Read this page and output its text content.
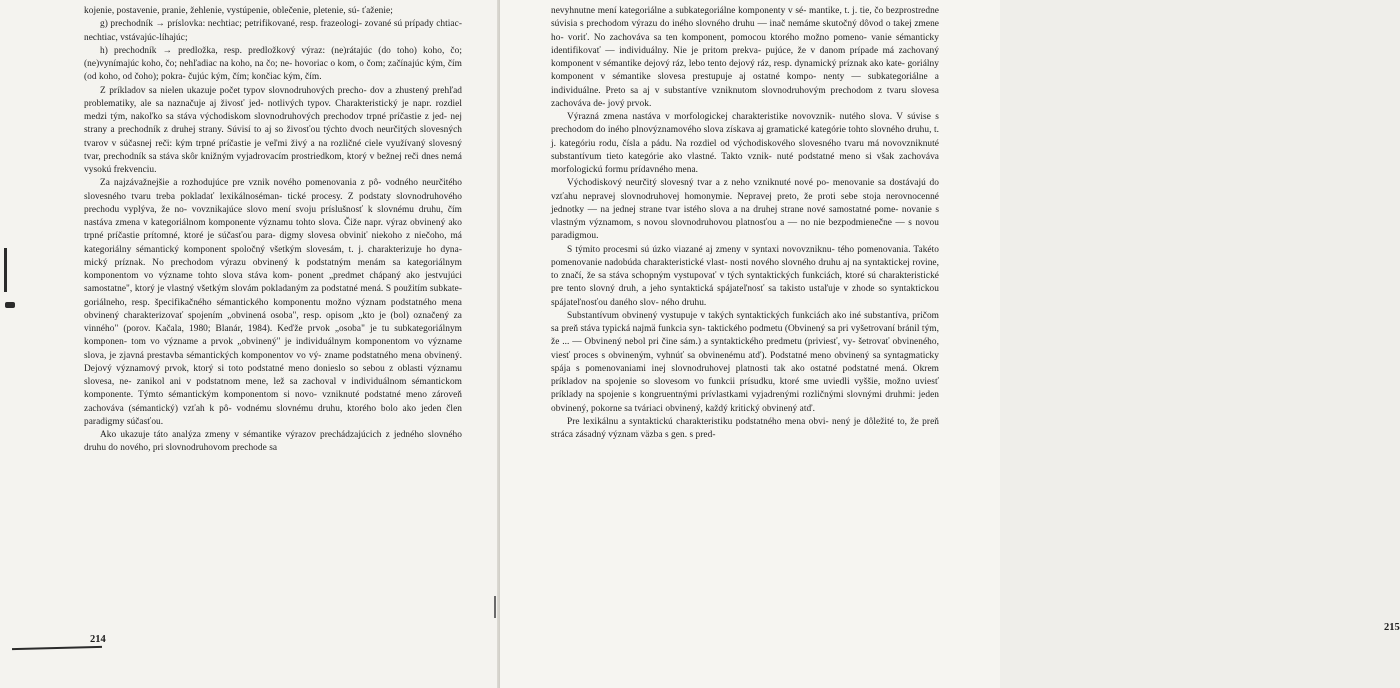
kojenie, postavenie, pranie, žehlenie, vystúpenie, oblečenie, pletenie, sú- ťaženie;

g) prechodník → príslovka: nechtiac; petrifikované, resp. frazeologi- zované sú prípady chtiac-nechtiac, vstávajúc-líhajúc;

h) prechodník → predložka, resp. predložkový výraz: (ne)rátajúc (do toho) koho, čo; (ne)vynímajúc koho, čo; nehľadiac na koho, na čo; ne- hovoriac o kom, o čom; začínajúc kým, čím (od koho, od čoho); pokra- čujúc kým, čím; končiac kým, čím.

Z príkladov sa nielen ukazuje počet typov slovnodruhových precho- dov a zhustený prehľad problematiky, ale sa naznačuje aj živosť jed- notlivých typov. Charakteristický je napr. rozdiel medzi tým, nakoľko sa stáva východiskom slovnodruhových prechodov trpné príčastie z jed- nej strany a prechodník z druhej strany. Súvisí to aj so živosťou týchto dvoch neurčitých slovesných tvarov v súčasnej reči: kým trpné príčastie je veľmi živý a na rozličné ciele využívaný slovesný tvar, prechodník sa stáva skôr knižným vyjadrovacím prostriedkom, ktorý v bežnej reči dnes nemá vysokú frekvenciu.

Za najzávažnejšie a rozhodujúce pre vznik nového pomenovania z pô- vodného neurčitého slovesného tvaru treba pokladať lexikálnoséman- tické procesy. Z podstaty slovnodruhového prechodu vyplýva, že no- vovznikajúce slovo mení svoju príslušnosť k slovnému druhu, čím nastáva zmena v kategoriálnom komponente významu tohto slova. Čiže napr. výraz obvinený ako trpné príčastie prítomné, ktoré je súčasťou para- digmy slovesa obviniť niekoho z niečoho, má kategoriálny sémantický komponent spoločný všetkým slovesám, t. j. charakterizuje ho dyna- mický príznak. No prechodom výrazu obvinený k podstatným menám sa kategoriálnym komponentom vo význame tohto slova stáva kom- ponent „predmet chápaný ako jestvujúci samostatne", ktorý je vlastný všetkým slovám pokladaným za podstatné mená. S použitím subkate- goriálneho, resp. špecifikačného sémantického komponentu možno význam podstatného mena obvinený charakterizovať spojením „obvinená osoba", resp. opisom „kto je (bol) označený za vinného" (porov. Kačala, 1980; Blanár, 1984). Keďže prvok „osoba" je tu subkategoriálnym komponen- tom vo význame a prvok „obvinený" je individuálnym komponentom vo význame slova, je zjavná prestavba sémantických komponentov vo vý- zname podstatného mena obvinený. Dejový významový prvok, ktorý si toto podstatné meno donieslo so sebou z oblasti významu slovesa, ne- zanikol ani v podstatnom mene, lež sa zachoval v individuálnom sémantickom komponente. Týmto sémantickým komponentom si novo- vzniknuté podstatné meno zároveň zachováva (sémantický) vzťah k pô- vodnému slovnému druhu, ktorého bolo ako jeden člen paradigmy súčasťou.

Ako ukazuje táto analýza zmeny v sémantike výrazov prechádzajúcich z jedného slovného druhu do nového, pri slovnodruhovom prechode sa

214

nevyhnutne mení kategoriálne a subkategoriálne komponenty v sé- mantike, t. j. tie, čo bezprostredne súvisia s prechodom výrazu do iného slovného druhu — inač nemáme skutočný dôvod o takej zmene ho- voriť. No zachováva sa ten komponent, pomocou ktorého možno pomeno- vanie sémanticky identifikovať — individuálny. Nie je pritom prekva- pujúce, že v danom prípade má zachovaný komponent v sémantike dejový ráz, lebo tento dejový ráz, resp. dynamický príznak ako kate- goriálny komponent v sémantike slovesa prestupuje aj ostatné kompo- nenty — subkategoriálne a individuálne. Preto sa aj v substantíve vzniknutom slovnodruhovým prechodom z tvaru slovesa zachováva de- jový prvok.

Výrazná zmena nastáva v morfologickej charakteristike novovznik- nutého slova. V súvise s prechodom do iného plnovýznamového slova získava aj gramatické kategórie tohto slovného druhu, t. j. kategóriu rodu, čísla a pádu. Na rozdiel od východiskového slovesného tvaru má novovzniknuté substantívum tieto kategórie ako vlastné. Takto vznik- nuté podstatné meno si však zachováva morfologickú formu prídavného mena.

Východiskový neurčitý slovesný tvar a z neho vzniknuté nové po- menovanie sa dostávajú do vzťahu nepravej slovnodruhovej homonymie. Nepravej preto, že proti sebe stoja nerovnocenné jednotky — na jednej strane tvar istého slova a na druhej strane nové samostatné pome- novanie s vlastným významom, s novou slovnodruhovou platnosťou a — no nie bezpodmienečne — s novou paradigmou.

S týmito procesmi sú úzko viazané aj zmeny v syntaxi novovzniknu- tého pomenovania. Takéto pomenovanie nadobúda charakteristické vlast- nosti nového slovného druhu aj na syntaktickej rovine, to značí, že sa stáva schopným vystupovať v tých syntaktických funkciách, ktoré sú charakteristické pre tento slovný druh, a jeho syntaktická spájateľnosť sa takisto ustaľuje v zhode so syntaktickou spájateľnosťou daného slov- ného druhu.

Substantívum obvinený vystupuje v takých syntaktických funkciách ako iné substantíva, pričom sa preň stáva typická najmä funkcia syn- taktického podmetu (Obvinený sa pri vyšetrovaní bránil tým, že ... — Obvinený nebol pri čine sám.) a syntaktického predmetu (priviesť, vy- šetrovať obvineného, viesť proces s obvineným, vyhnúť sa obvinenému atď). Podstatné meno obvinený sa syntagmaticky spája s pomenovaniami inej slovnodruhovej platnosti tak ako ostatné podstatné mená. Okrem príkladov na spojenie so slovesom vo funkcii prísudku, ktoré sme uviedli vyššie, možno uviesť príklady na spojenie s kongruentnými prívlastkami vyjadrenými rozličnými slovnými druhmi: jeden obvinený, pokorne sa tváriaci obvinený, každý kritický obvinený atď.

Pre lexikálnu a syntaktickú charakteristiku podstatného mena obvi- nený je dôležité to, že preň stráca zásadný význam väzba s gen. s pred-

215
